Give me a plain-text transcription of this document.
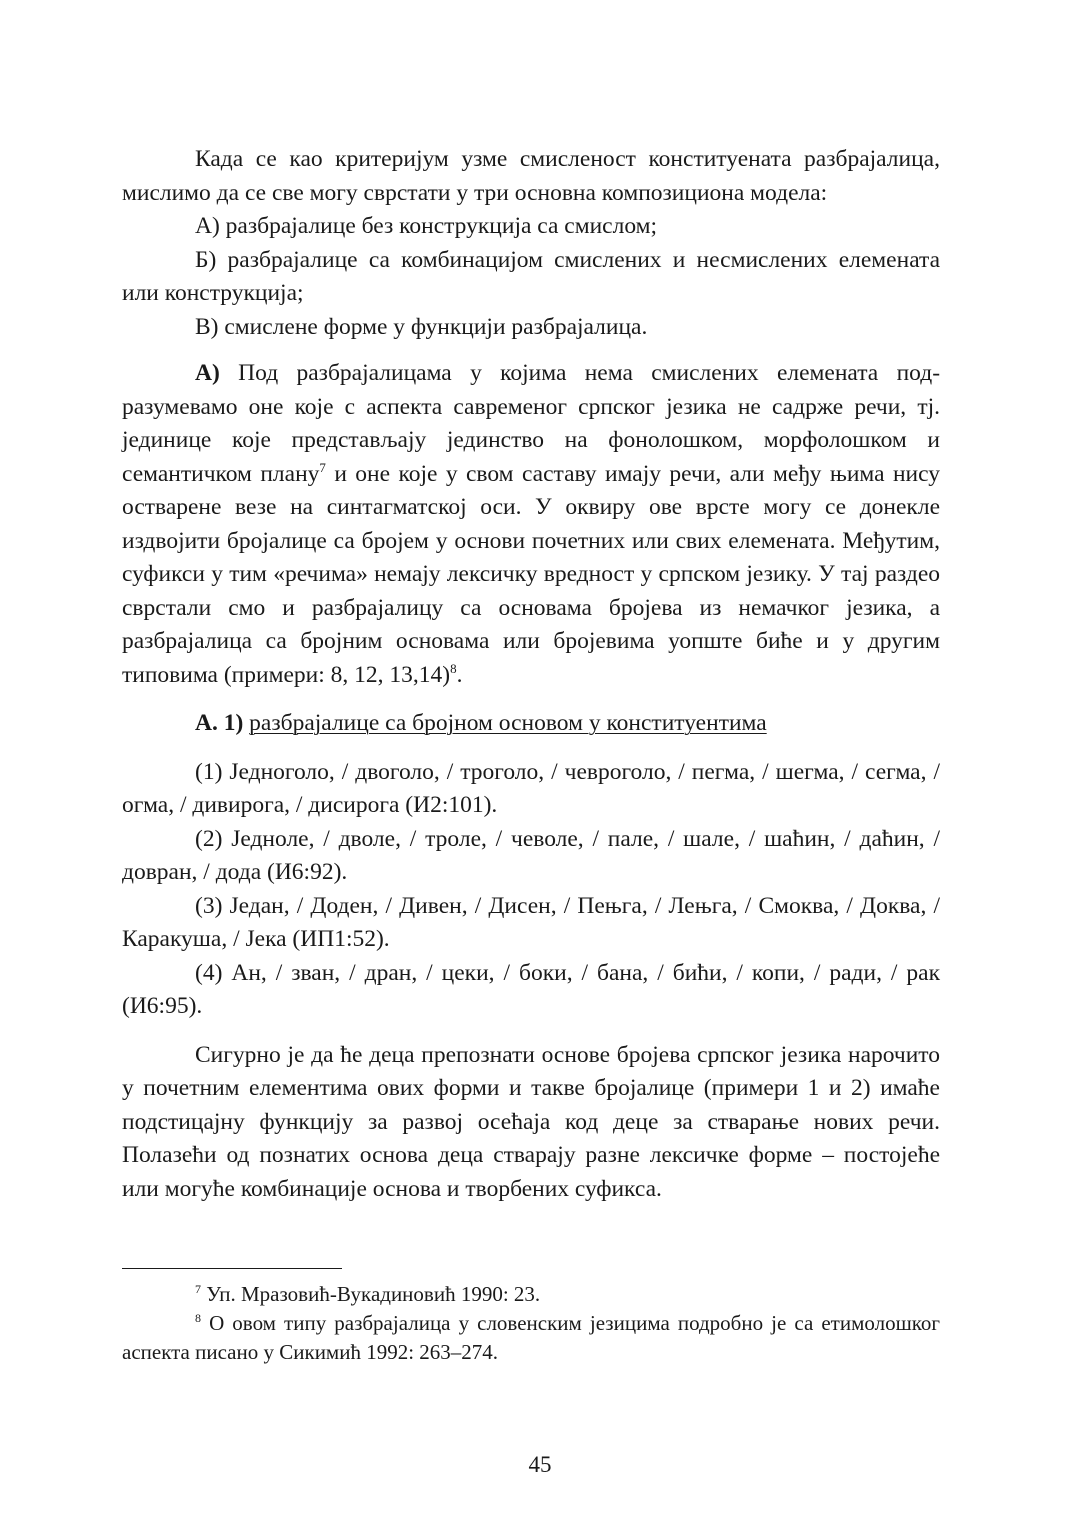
Када се као критеријум узме смисленост конституената разбрајалица, мислимо да се све могу сврстати у три основна композициона модела:

А) разбрајалице без конструкција са смислом;

Б) разбрајалице са комбинацијом смислених и несмислених елемената или конструкција;

В) смислене форме у функцији разбрајалица.

А) Под разбрајалицама у којима нема смислених елемената подразумевамо оне које с аспекта савременог српског језика не садрже речи, тј. јединице које представљају јединство на фонолошком, морфолошком и семантичком плану$^7$ и оне које у свом саставу имају речи, али међу њима нису остварене везе на синтагматској оси. У оквиру ове врсте могу се донекле издвојити бројалице са бројем у основи почетних или свих елемената. Међутим, суфикси у тим «речима» немају лексичку вредност у српском језику. У тај раздео сврстали смо и разбрајалицу са основама бројева из немачког језика, а разбрајалица са бројним основама или бројевима уопште биће и у другим типовима (примери: 8, 12, 13,14)$^8$.

А. 1) разбрајалице са бројном основом у конституентима

(1) Једноголо, / двоголо, / троголо, / чевроголо, / пегма, / шегма, / сегма, / огма, / дивирога, / дисирога (И2:101).

(2) Једноле, / дволе, / троле, / чеволе, / пале, / шале, / шаћин, / даћин, / довран, / дода (И6:92).

(3) Једaн, / Доден, / Дивен, / Дисен, / Пењга, / Лењга, / Смоква, / Доква, / Каракуша, / Јека (ИП1:52).

(4) Ан, / зван, / дран, / цеки, / боки, / бана, / бићи, / копи, / ради, / рак (И6:95).

Сигурно је да ће деца препознати основе бројева српског језика нарочито у почетним елементима ових форми и такве бројалице (примери 1 и 2) имаће подстицајну функцију за развој осећаја код деце за стварање нових речи. Полазећи од познатих основа деца стварају разне лексичке форме – постојеће или могуће комбинације основа и творбених суфикса.

$^7$ Уп. Мразовић-Вукадиновић 1990: 23.

$^8$ О овом типу разбрајалица у словенским језицима подробно је са етимолошког аспекта писано у Сикимић 1992: 263–274.

45
